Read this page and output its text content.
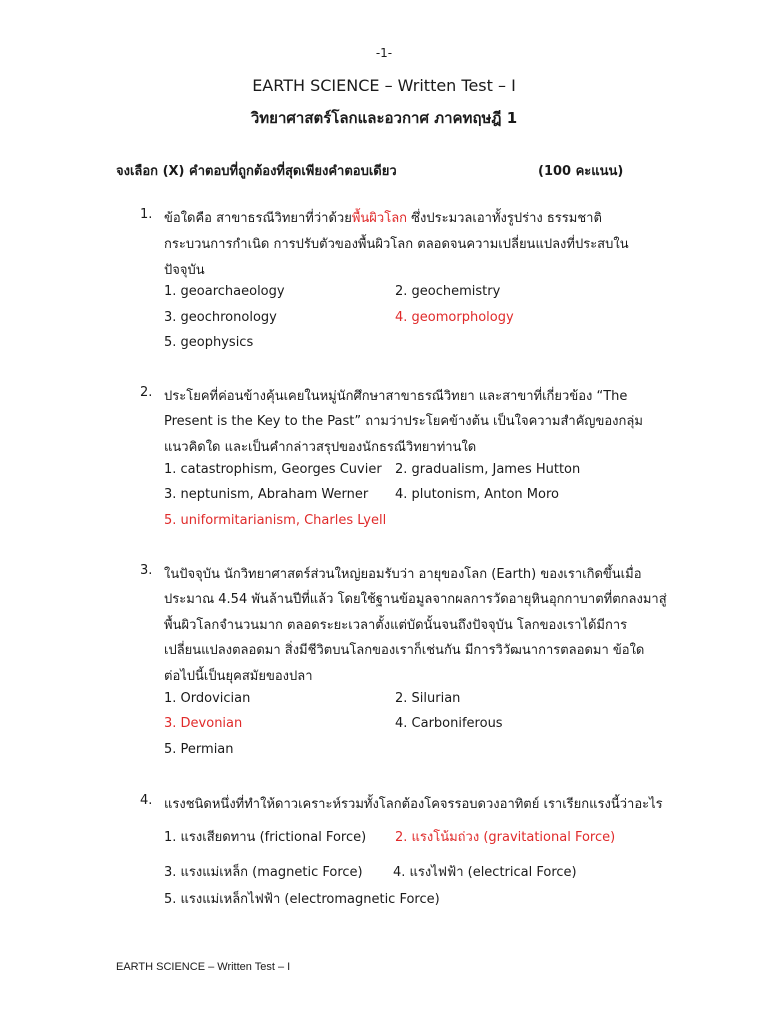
-1-
EARTH SCIENCE – Written Test – I
วิทยาศาสตร์โลกและอวกาศ ภาคทฤษฎี 1
จงเลือก (X) คำตอบที่ถูกต้องที่สุดเพียงคำตอบเดียว	(100 คะแนน)
1. ข้อใดคือ สาขาธรณีวิทยาที่ว่าด้วยพื้นผิวโลก ซึ่งประมวลเอาทั้งรูปร่าง ธรรมชาติ
กระบวนการกำเนิด การปรับตัวของพื้นผิวโลก ตลอดจนความเปลี่ยนแปลงที่ประสบใน
ปัจจุบัน
1. geoarchaeology	2. geochemistry
3. geochronology	4. geomorphology
5. geophysics
2. ประโยคที่ค่อนข้างคุ้นเคยในหมู่นักศึกษาสาขาธรณีวิทยา และสาขาที่เกี่ยวข้อง “The
Present is the Key to the Past” ถามว่าประโยคข้างต้น เป็นใจความสำคัญของกลุ่ม
แนวคิดใด และเป็นคำกล่าวสรุปของนักธรณีวิทยาท่านใด
1. catastrophism, Georges Cuvier 2. gradualism, James Hutton
3. neptunism, Abraham Werner 4. plutonism, Anton Moro
5. uniformitarianism, Charles Lyell
3. ในปัจจุบัน นักวิทยาศาสตร์ส่วนใหญ่ยอมรับว่า อายุของโลก (Earth) ของเราเกิดขึ้นเมื่อ
ประมาณ 4.54 พันล้านปีที่แล้ว โดยใช้ฐานข้อมูลจากผลการวัดอายุหินอุกกาบาตที่ตกลงมาสู่
พื้นผิวโลกจำนวนมาก ตลอดระยะเวลาตั้งแต่บัดนั้นจนถึงปัจจุบัน โลกของเราได้มีการ
เปลี่ยนแปลงตลอดมา สิ่งมีชีวิตบนโลกของเราก็เช่นกัน มีการวิวัฒนาการตลอดมา ข้อใด
ต่อไปนี้เป็นยุคสมัยของปลา
1. Ordovician	2. Silurian
3. Devonian	4. Carboniferous
5. Permian
4. แรงชนิดหนึ่งที่ทำให้ดาวเคราะห์รวมทั้งโลกต้องโคจรรอบดวงอาทิตย์ เราเรียกแรงนี้ว่าอะไร
1. แรงเสียดทาน (frictional Force) 2. แรงโน้มถ่วง (gravitational Force)
3. แรงแม่เหล็ก (magnetic Force) 4. แรงไฟฟ้า (electrical Force)
5. แรงแม่เหล็กไฟฟ้า (electromagnetic Force)
EARTH SCIENCE – Written Test – I
